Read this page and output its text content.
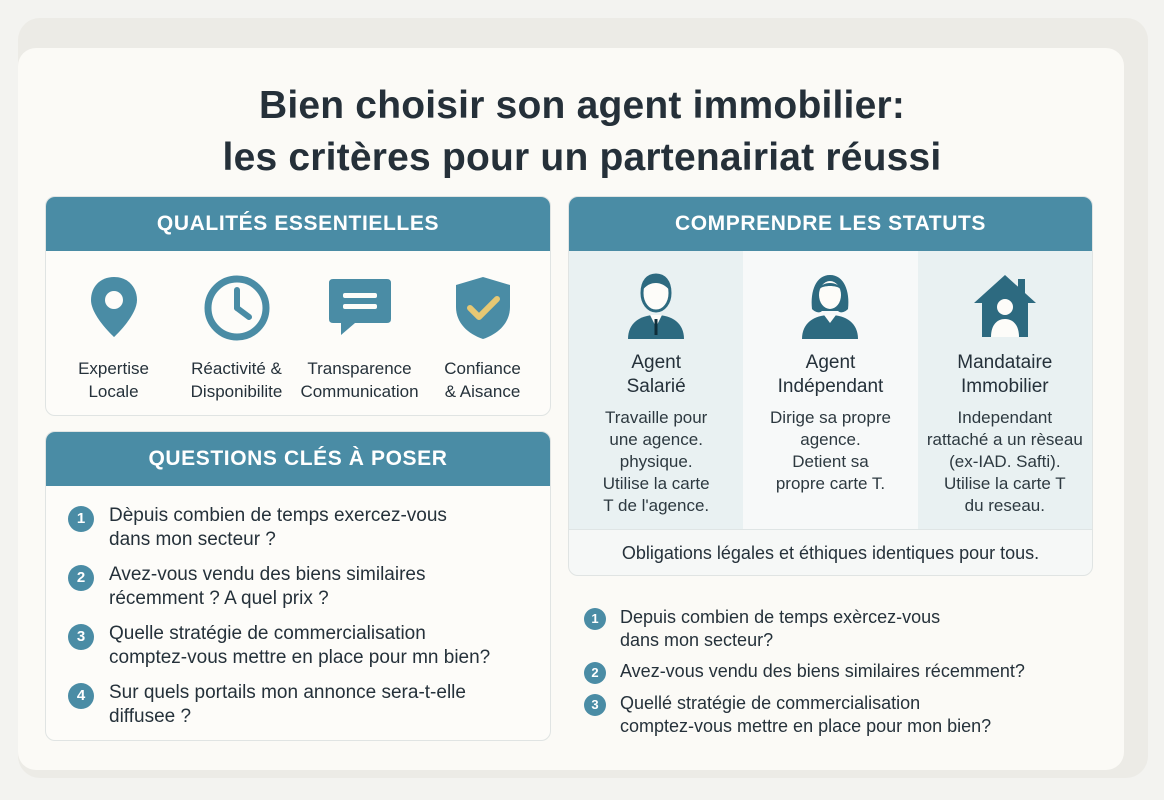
Bien choisir son agent immobilier:
les critères pour un partenairiat réussi
QUALITÉS ESSENTIELLES
Expertise
Locale
Réactivité &
Disponibilite
Transparence
Communication
Confiance
& Aisance
QUESTIONS CLÉS À POSER
1	Dèpuis combien de temps exercez-vous
dans mon secteur ?
2	Avez-vous vendu des biens similaires
récemment ? A quel prix ?
3	Quelle stratégie de commercialisation
comptez-vous mettre en place pour mn bien?
4	Sur quels portails mon annonce sera-t-elle
diffusee ?
COMPRENDRE LES STATUTS
Agent
Salarié
Travaille pour
une agence.
physique.
Utilise la carte
T de l'agence.
Agent
Indépendant
Dirige sa propre
agence.
Detient sa
propre carte T.
Mandataire
Immobilier
Independant
rattaché a un rèseau
(ex-IAD. Safti).
Utilise la carte T
du reseau.
Obligations légales et éthiques identiques pour tous.
1	Depuis combien de temps exèrcez-vous
dans mon secteur?
2	Avez-vous vendu des biens similaires récemment?
3	Quellé stratégie de commercialisation
comptez-vous mettre en place pour mon bien?
